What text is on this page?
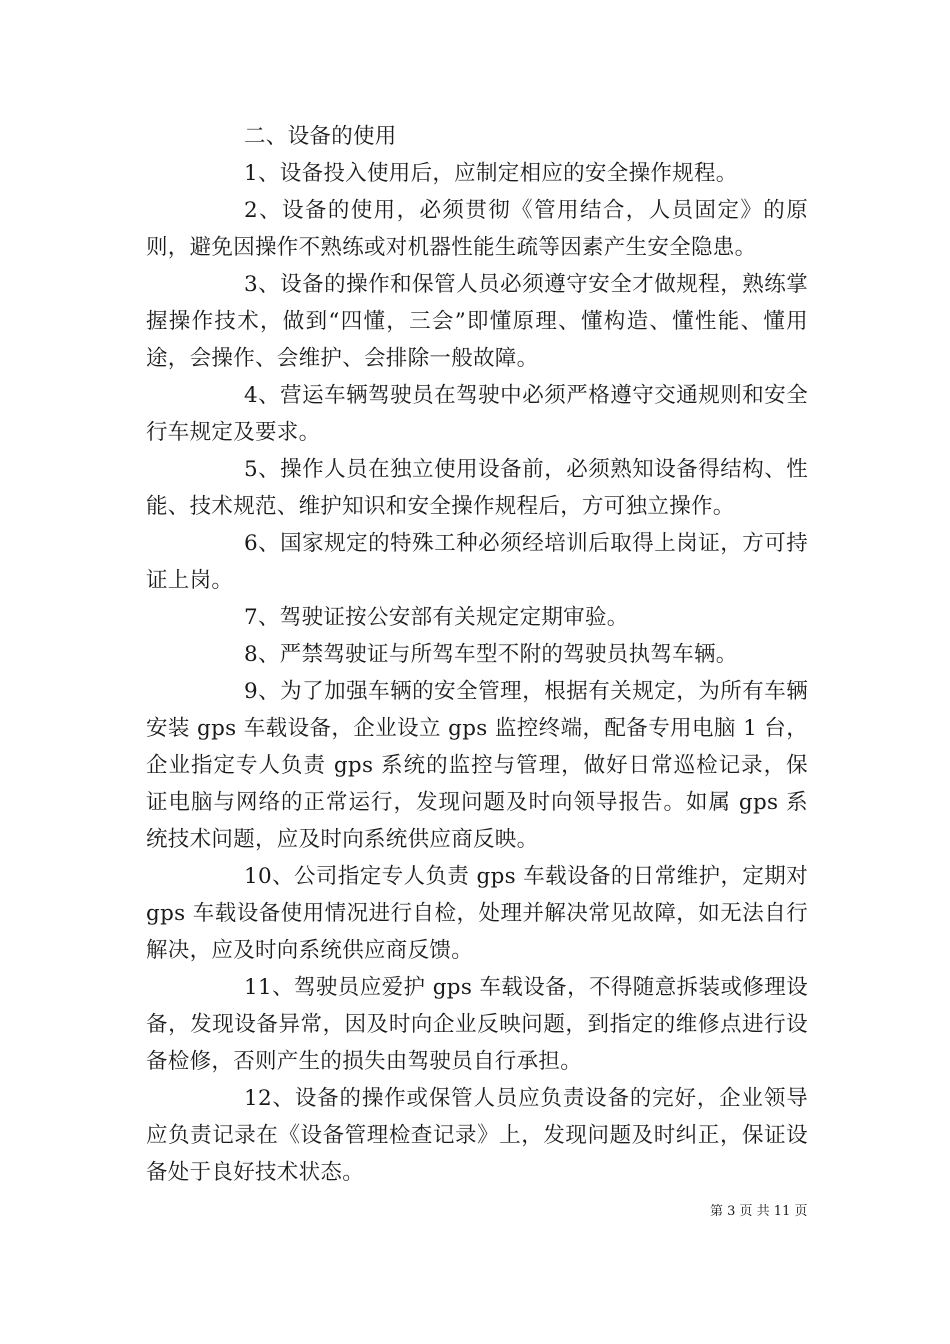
二、设备的使用

1、设备投入使用后，应制定相应的安全操作规程。

2、设备的使用，必须贯彻《管用结合，人员固定》的原则，避免因操作不熟练或对机器性能生疏等因素产生安全隐患。

3、设备的操作和保管人员必须遵守安全才做规程，熟练掌握操作技术，做到“四懂，三会”即懂原理、懂构造、懂性能、懂用途，会操作、会维护、会排除一般故障。

4、营运车辆驾驶员在驾驶中必须严格遵守交通规则和安全行车规定及要求。

5、操作人员在独立使用设备前，必须熟知设备得结构、性能、技术规范、维护知识和安全操作规程后，方可独立操作。

6、国家规定的特殊工种必须经培训后取得上岗证，方可持证上岗。

7、驾驶证按公安部有关规定定期审验。

8、严禁驾驶证与所驾车型不附的驾驶员执驾车辆。

9、为了加强车辆的安全管理，根据有关规定，为所有车辆安装 gps 车载设备，企业设立 gps 监控终端，配备专用电脑 1 台，企业指定专人负责 gps 系统的监控与管理，做好日常巡检记录，保证电脑与网络的正常运行，发现问题及时向领导报告。如属 gps 系统技术问题，应及时向系统供应商反映。

10、公司指定专人负责 gps 车载设备的日常维护，定期对 gps 车载设备使用情况进行自检，处理并解决常见故障，如无法自行解决，应及时向系统供应商反馈。

11、驾驶员应爱护 gps 车载设备，不得随意拆装或修理设备，发现设备异常，因及时向企业反映问题，到指定的维修点进行设备检修，否则产生的损失由驾驶员自行承担。

12、设备的操作或保管人员应负责设备的完好，企业领导应负责记录在《设备管理检查记录》上，发现问题及时纠正，保证设备处于良好技术状态。

第 3 页 共 11 页
